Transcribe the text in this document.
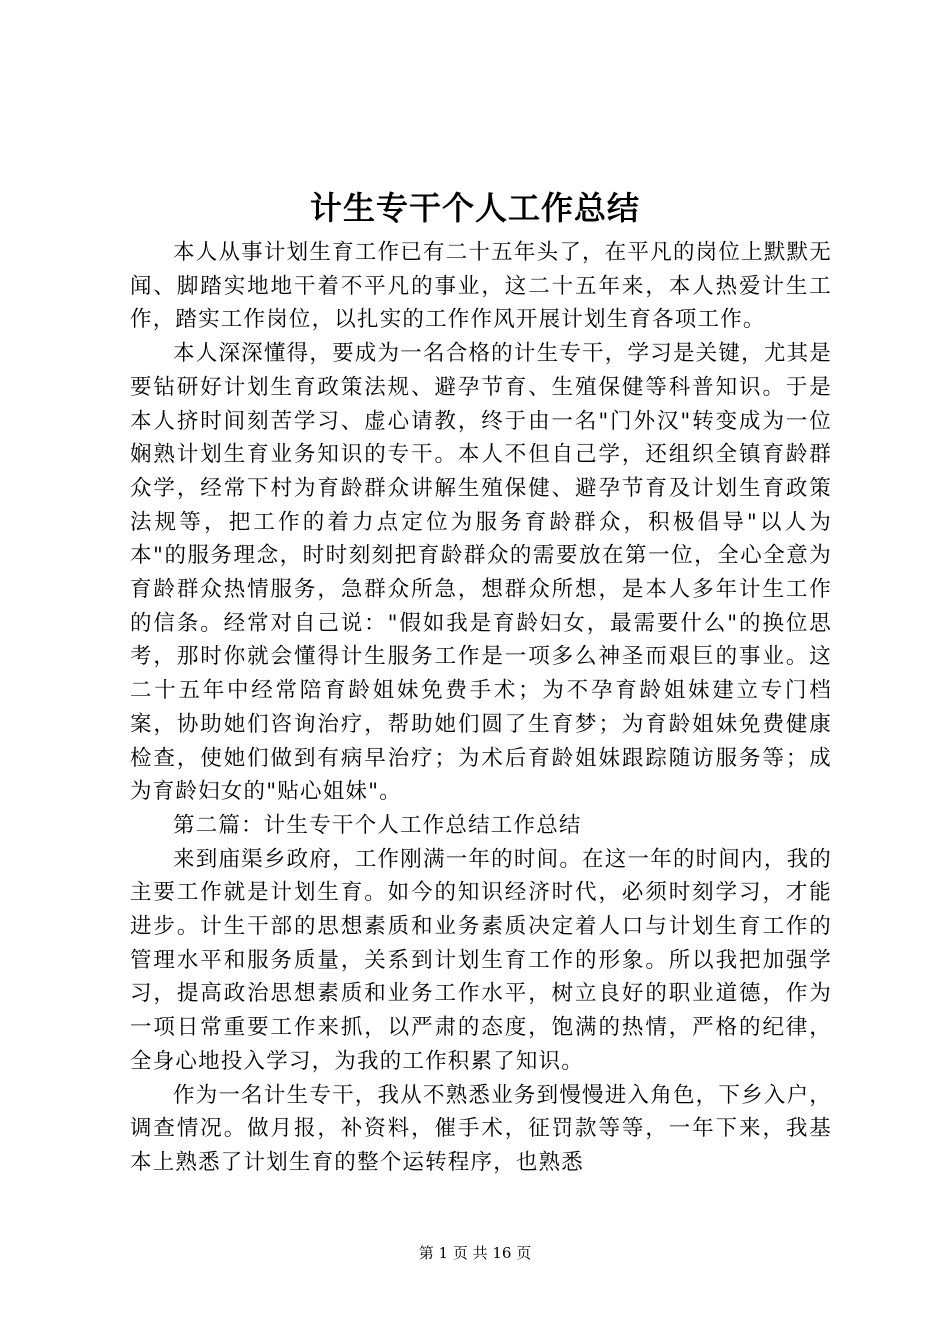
计生专干个人工作总结

本人从事计划生育工作已有二十五年头了，在平凡的岗位上默默无闻、脚踏实地地干着不平凡的事业，这二十五年来，本人热爱计生工作，踏实工作岗位，以扎实的工作作风开展计划生育各项工作。

本人深深懂得，要成为一名合格的计生专干，学习是关键，尤其是要钻研好计划生育政策法规、避孕节育、生殖保健等科普知识。于是本人挤时间刻苦学习、虚心请教，终于由一名"门外汉"转变成为一位娴熟计划生育业务知识的专干。本人不但自己学，还组织全镇育龄群众学，经常下村为育龄群众讲解生殖保健、避孕节育及计划生育政策法规等，把工作的着力点定位为服务育龄群众，积极倡导"以人为本"的服务理念，时时刻刻把育龄群众的需要放在第一位，全心全意为育龄群众热情服务，急群众所急，想群众所想，是本人多年计生工作的信条。经常对自己说："假如我是育龄妇女，最需要什么"的换位思考，那时你就会懂得计生服务工作是一项多么神圣而艰巨的事业。这二十五年中经常陪育龄姐妹免费手术；为不孕育龄姐妹建立专门档案，协助她们咨询治疗，帮助她们圆了生育梦；为育龄姐妹免费健康检查，使她们做到有病早治疗；为术后育龄姐妹跟踪随访服务等；成为育龄妇女的"贴心姐妹"。

第二篇：计生专干个人工作总结工作总结

来到庙渠乡政府，工作刚满一年的时间。在这一年的时间内，我的主要工作就是计划生育。如今的知识经济时代，必须时刻学习，才能进步。计生干部的思想素质和业务素质决定着人口与计划生育工作的管理水平和服务质量，关系到计划生育工作的形象。所以我把加强学习，提高政治思想素质和业务工作水平，树立良好的职业道德，作为一项日常重要工作来抓，以严肃的态度，饱满的热情，严格的纪律，全身心地投入学习，为我的工作积累了知识。

作为一名计生专干，我从不熟悉业务到慢慢进入角色，下乡入户，调查情况。做月报，补资料，催手术，征罚款等等，一年下来，我基本上熟悉了计划生育的整个运转程序，也熟悉

第 1 页 共 16 页
